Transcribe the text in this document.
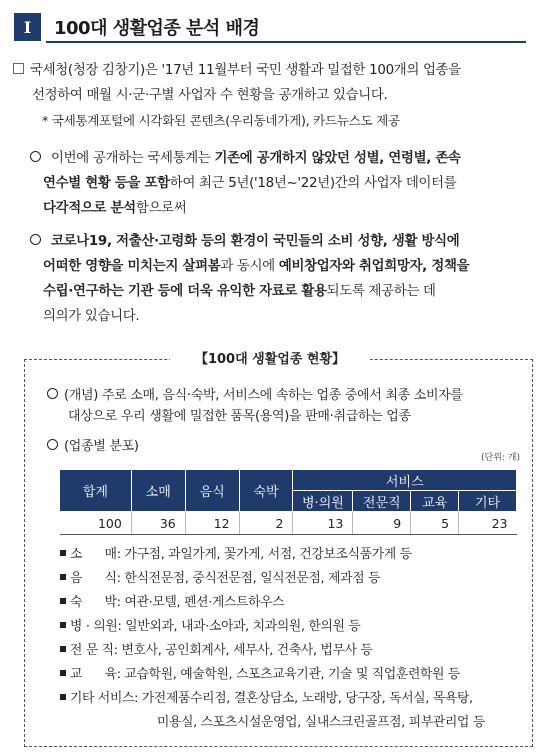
I	100대 생활업종 분석 배경
국세청(청장 김창기)은 '17년 11월부터 국민 생활과 밀접한 100개의 업종을
선정하여 매월 시·군·구별 사업자 수 현황을 공개하고 있습니다.
* 국세통계포털에 시각화된 콘텐츠(우리동네가게), 카드뉴스도 제공
이번에 공개하는 국세통계는 기존에 공개하지 않았던 성별, 연령별, 존속
연수별 현황 등을 포함하여 최근 5년('18년~'22년)간의 사업자 데이터를
다각적으로 분석함으로써
코로나19, 저출산·고령화 등의 환경이 국민들의 소비 성향, 생활 방식에
어떠한 영향을 미치는지 살펴봄과 동시에 예비창업자와 취업희망자, 정책을
수립·연구하는 기관 등에 더욱 유익한 자료로 활용되도록 제공하는 데
의의가 있습니다.
【100대 생활업종 현황】
(개념) 주로 소매, 음식·숙박, 서비스에 속하는 업종 중에서 최종 소비자를
대상으로 우리 생활에 밀접한 품목(용역)을 판매·취급하는 업종
(업종별 분포)
(단위: 개)
합계	소매	음식	숙박	서비스			
				병·의원	전문직	교육	기타
100	36	12	2	13	9	5	23
소      매: 가구점, 과일가게, 꽃가게, 서점, 건강보조식품가게 등
음      식: 한식전문점, 중식전문점, 일식전문점, 제과점 등
숙      박: 여관·모텔, 펜션·게스트하우스
병 · 의원: 일반외과, 내과·소아과, 치과의원, 한의원 등
전 문 직: 변호사, 공인회계사, 세무사, 건축사, 법무사 등
교      육: 교습학원, 예술학원, 스포츠교육기관, 기술 및 직업훈련학원 등
기타 서비스: 가전제품수리점, 결혼상담소, 노래방, 당구장, 독서실, 목욕탕,
미용실, 스포츠시설운영업, 실내스크린골프점, 피부관리업 등
